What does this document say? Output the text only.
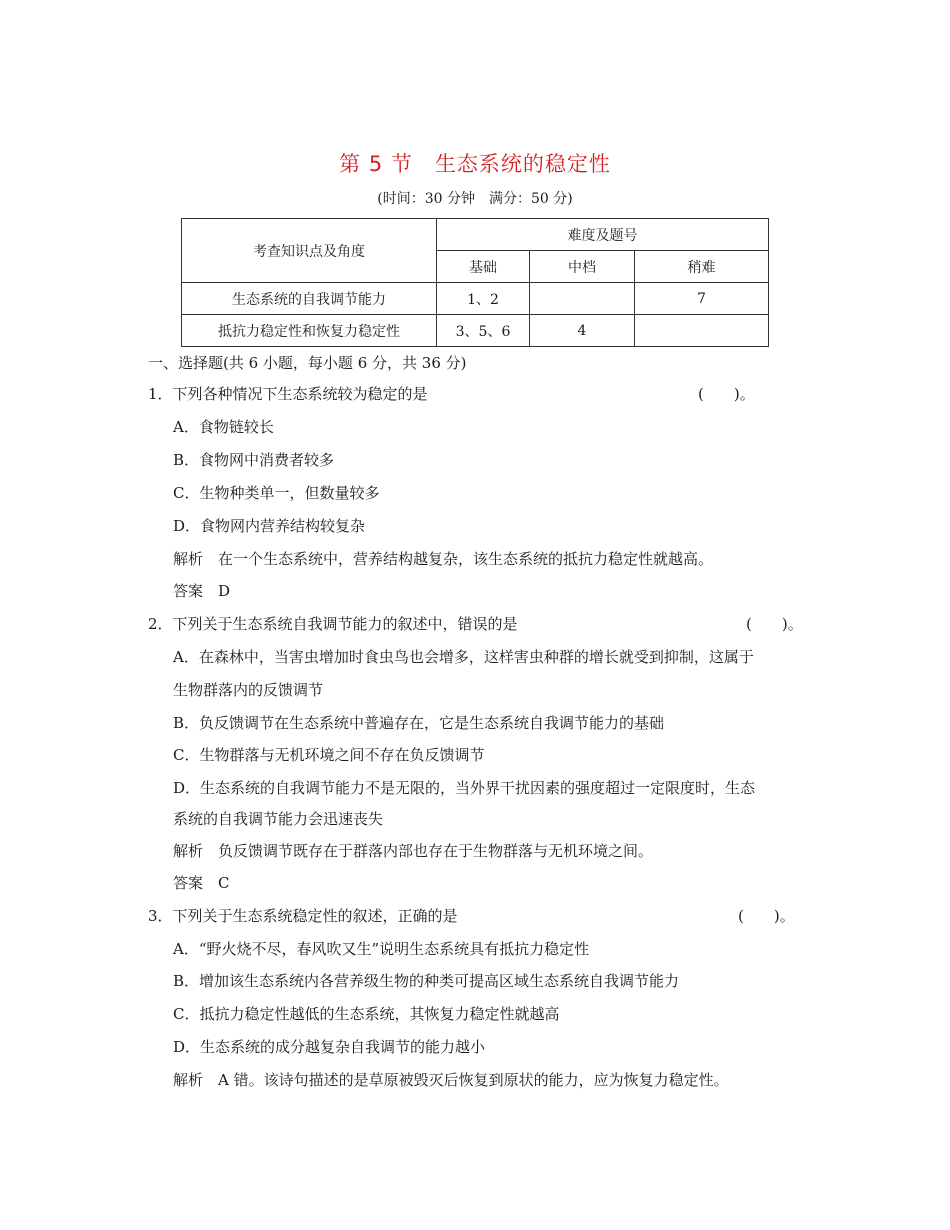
第 5 节 生态系统的稳定性
(时间：30 分钟　满分：50 分)
考查知识点及角度	难度及题号		
	基础	中档	稍难
生态系统的自我调节能力	1、2		7
抵抗力稳定性和恢复力稳定性	3、5、6	4	
一、选择题(共 6 小题，每小题 6 分，共 36 分)
1．下列各种情况下生态系统较为稳定的是	(　　)。
A．食物链较长
B．食物网中消费者较多
C．生物种类单一，但数量较多
D．食物网内营养结构较复杂
解析　在一个生态系统中，营养结构越复杂，该生态系统的抵抗力稳定性就越高。
答案　D
2．下列关于生态系统自我调节能力的叙述中，错误的是	(　　)。
A．在森林中，当害虫增加时食虫鸟也会增多，这样害虫种群的增长就受到抑制，这属于
生物群落内的反馈调节
B．负反馈调节在生态系统中普遍存在，它是生态系统自我调节能力的基础
C．生物群落与无机环境之间不存在负反馈调节
D．生态系统的自我调节能力不是无限的，当外界干扰因素的强度超过一定限度时，生态
系统的自我调节能力会迅速丧失
解析　负反馈调节既存在于群落内部也存在于生物群落与无机环境之间。
答案　C
3．下列关于生态系统稳定性的叙述，正确的是	(　　)。
A．“野火烧不尽，春风吹又生”说明生态系统具有抵抗力稳定性
B．增加该生态系统内各营养级生物的种类可提高区域生态系统自我调节能力
C．抵抗力稳定性越低的生态系统，其恢复力稳定性就越高
D．生态系统的成分越复杂自我调节的能力越小
解析　A 错。该诗句描述的是草原被毁灭后恢复到原状的能力，应为恢复力稳定性。
